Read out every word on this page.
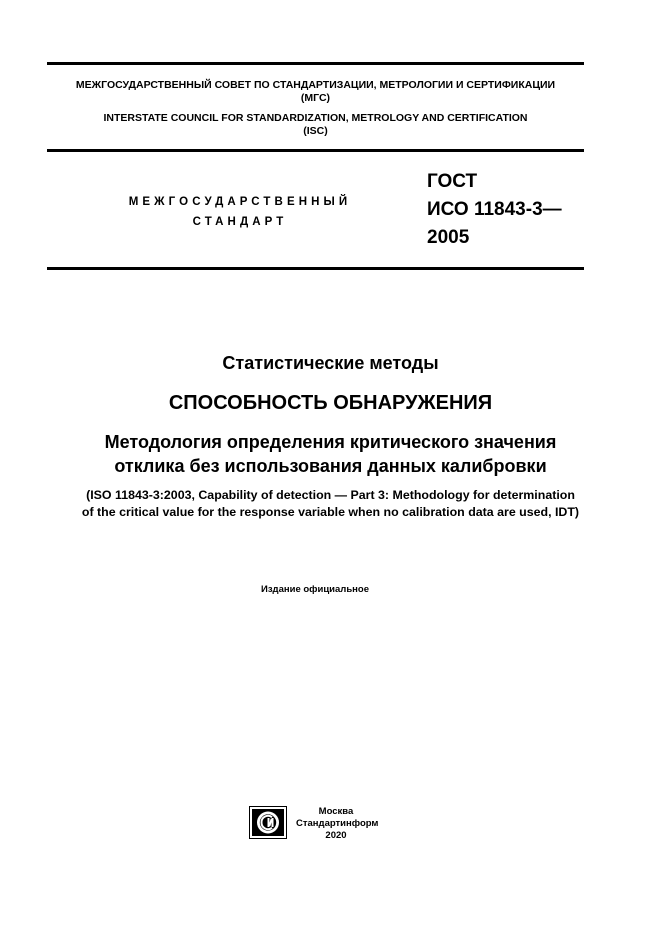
МЕЖГОСУДАРСТВЕННЫЙ СОВЕТ ПО СТАНДАРТИЗАЦИИ, МЕТРОЛОГИИ И СЕРТИФИКАЦИИ
(МГС)
INTERSTATE COUNCIL FOR STANDARDIZATION, METROLOGY AND CERTIFICATION
(ISC)
МЕЖГОСУДАРСТВЕННЫЙ
СТАНДАРТ
ГОСТ
ИСО 11843-3—
2005
Статистические методы
СПОСОБНОСТЬ ОБНАРУЖЕНИЯ
Методология определения критического значения
отклика без использования данных калибровки
(ISO 11843-3:2003, Capability of detection — Part 3: Methodology for determination
of the critical value for the response variable when no calibration data are used, IDT)
Издание официальное
Москва
Стандартинформ
2020
